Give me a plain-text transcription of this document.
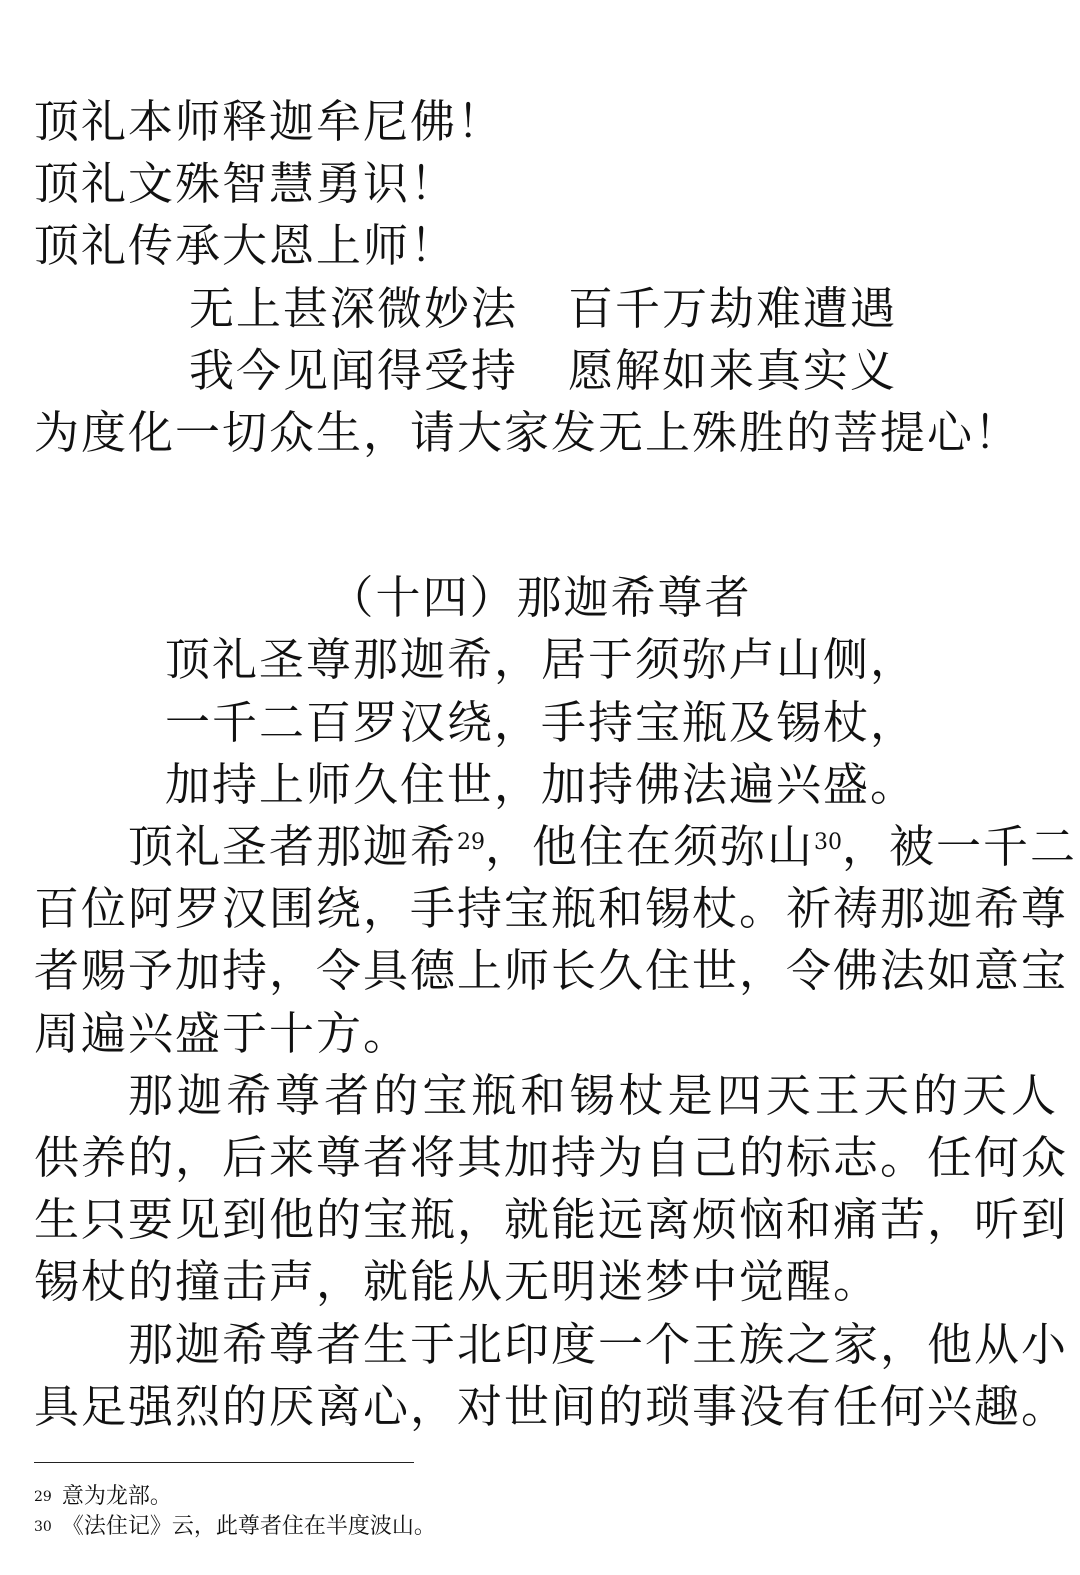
顶礼本师释迦牟尼佛！
顶礼文殊智慧勇识！
顶礼传承大恩上师！
无上甚深微妙法 百千万劫难遭遇
我今见闻得受持 愿解如来真实义
为度化一切众生，请大家发无上殊胜的菩提心！
（十四）那迦希尊者
顶礼圣尊那迦希，居于须弥卢山侧，
一千二百罗汉绕，手持宝瓶及锡杖，
加持上师久住世，加持佛法遍兴盛。
顶礼圣者那迦希$^{29}$，他住在须弥山$^{30}$，被一千二
百位阿罗汉围绕，手持宝瓶和锡杖。祈祷那迦希尊
者赐予加持，令具德上师长久住世，令佛法如意宝
周遍兴盛于十方。
那迦希尊者的宝瓶和锡杖是四天王天的天人
供养的，后来尊者将其加持为自己的标志。任何众
生只要见到他的宝瓶，就能远离烦恼和痛苦，听到
锡杖的撞击声，就能从无明迷梦中觉醒。
那迦希尊者生于北印度一个王族之家，他从小
具足强烈的厌离心，对世间的琐事没有任何兴趣。
$^{29}$ 意为龙部。
$^{30}$ 《法住记》云，此尊者住在半度波山。
